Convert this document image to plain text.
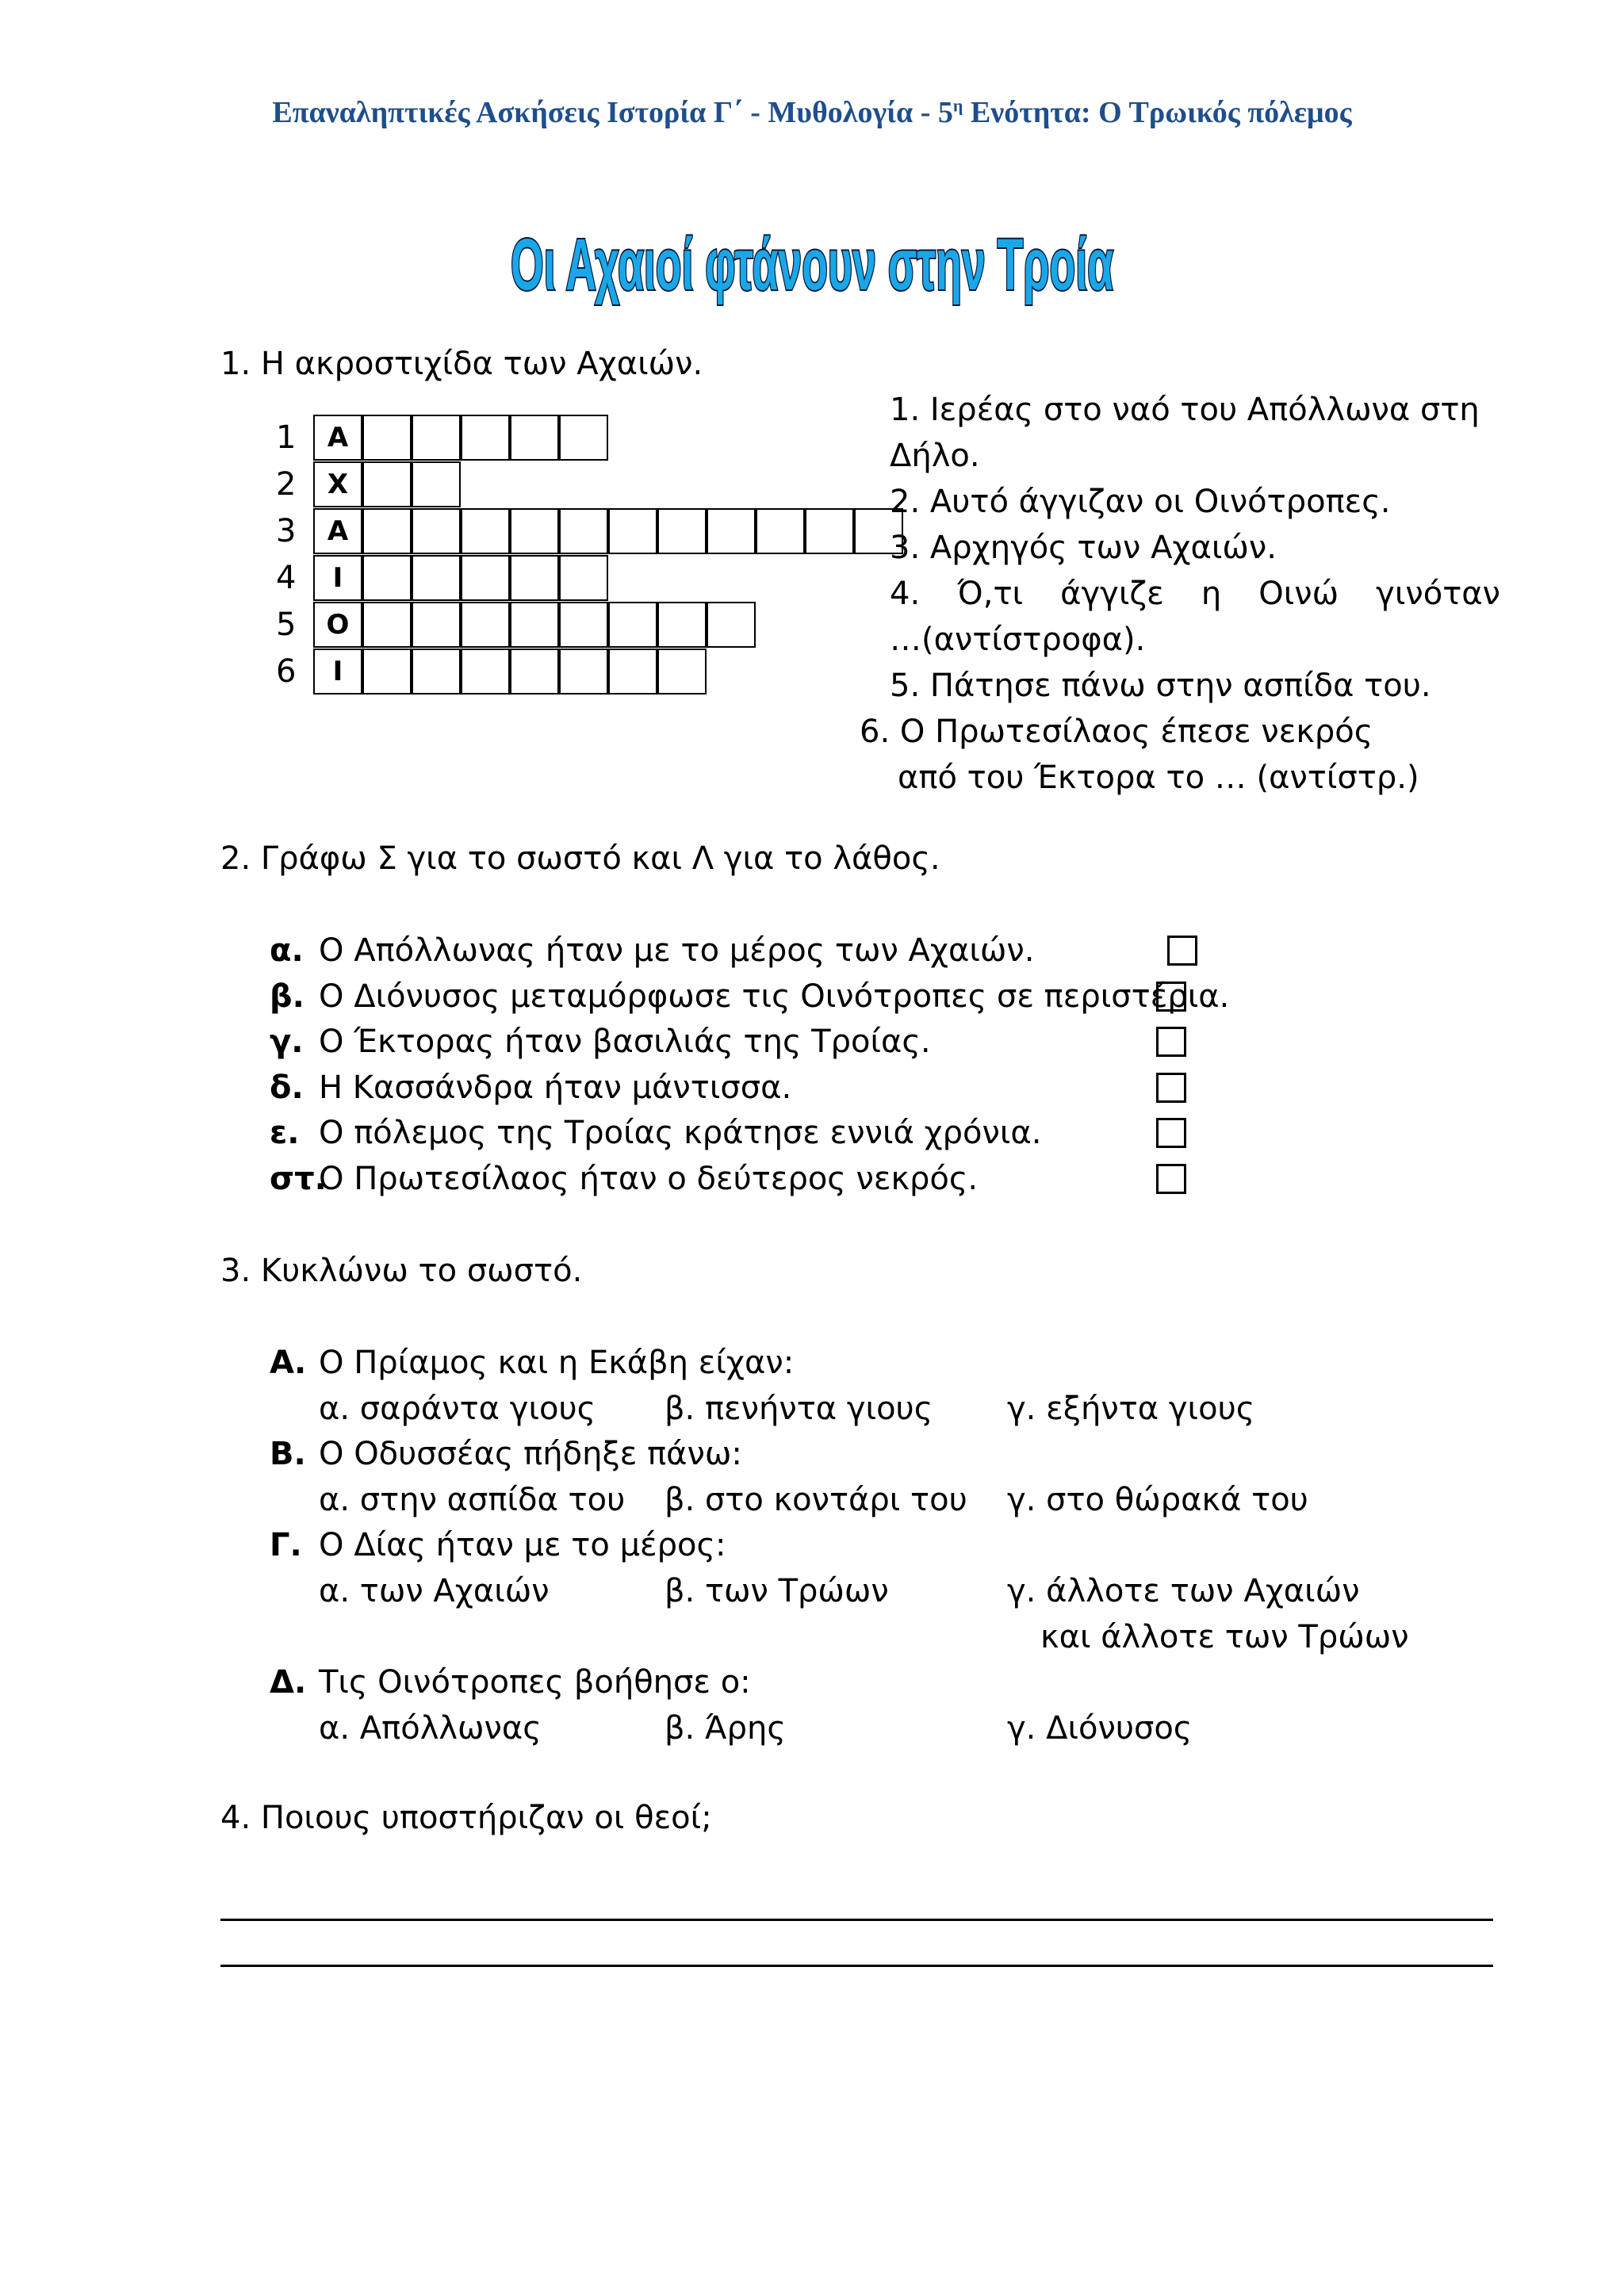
Επαναληπτικές Ασκήσεις Ιστορία Γ΄ - Μυθολογία - $5^\eta$ Ενότητα: Ο Τρωικός πόλεμος
Οι Αχαιοί φτάνουν στην Τροία
1. Η ακροστιχίδα των Αχαιών.
1	Α
2	Χ
3	Α
4	Ι
5	Ο
6	Ι
1. Ιερέας στο ναό του Απόλλωνα στη
Δήλο.
2. Αυτό άγγιζαν οι Οινότροπες.
3. Αρχηγός των Αχαιών.
4. Ό,τι άγγιζε η Οινώ γινόταν
…(αντίστροφα).
5. Πάτησε πάνω στην ασπίδα του.
6. Ο Πρωτεσίλαος έπεσε νεκρός
από του Έκτορα το … (αντίστρ.)
2. Γράφω Σ για το σωστό και Λ για το λάθος.
α. Ο Απόλλωνας ήταν με το μέρος των Αχαιών.
β. Ο Διόνυσος μεταμόρφωσε τις Οινότροπες σε περιστέρια.
γ. Ο Έκτορας ήταν βασιλιάς της Τροίας.
δ. Η Κασσάνδρα ήταν μάντισσα.
ε. Ο πόλεμος της Τροίας κράτησε εννιά χρόνια.
στ.
Ο Πρωτεσίλαος ήταν ο δεύτερος νεκρός.
3. Κυκλώνω το σωστό.
Α. Ο Πρίαμος και η Εκάβη είχαν:
α. σαράντα γιους β. πενήντα γιους γ. εξήντα γιους
Β. Ο Οδυσσέας πήδηξε πάνω:
α. στην ασπίδα του β. στο κοντάρι του γ. στο θώρακά του
Γ. Ο Δίας ήταν με το μέρος:
α. των Αχαιών	β. των Τρώων	γ. άλλοτε των Αχαιών
και άλλοτε των Τρώων
Δ. Τις Οινότροπες βοήθησε ο:
α. Απόλλωνας	β. Άρης	γ. Διόνυσος
4. Ποιους υποστήριζαν οι θεοί;
